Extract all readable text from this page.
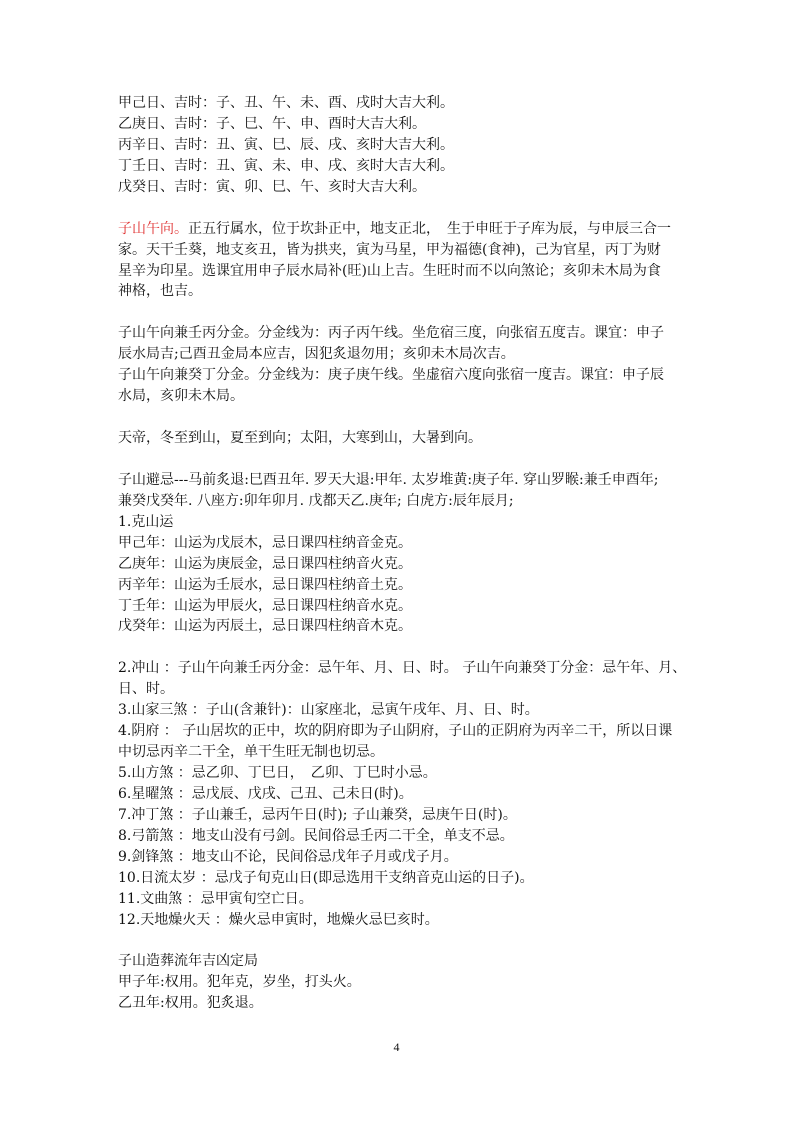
甲己日、吉时：子、丑、午、未、酉、戌时大吉大利。
乙庚日、吉时：子、巳、午、申、酉时大吉大利。
丙辛日、吉时：丑、寅、巳、辰、戌、亥时大吉大利。
丁壬日、吉时：丑、寅、未、申、戌、亥时大吉大利。
戊癸日、吉时：寅、卯、巳、午、亥时大吉大利。
子山午向。正五行属水，位于坎卦正中，地支正北，　生于申旺于子库为辰，与申辰三合一
家。天干壬葵，地支亥丑，皆为拱夹，寅为马星，甲为福德(食神)，己为官星，丙丁为财
星辛为印星。选课宜用申子辰水局补(旺)山上吉。生旺时而不以向煞论；亥卯未木局为食
神格，也吉。
子山午向兼壬丙分金。分金线为：丙子丙午线。坐危宿三度，向张宿五度吉。课宜：申子
辰水局吉;己酉丑金局本应吉，因犯炙退勿用；亥卯未木局次吉。
子山午向兼癸丁分金。分金线为：庚子庚午线。坐虚宿六度向张宿一度吉。课宜：申子辰
水局，亥卯未木局。
天帝，冬至到山，夏至到向；太阳，大寒到山，大暑到向。
子山避忌---马前炙退:巳酉丑年. 罗天大退:甲年. 太岁堆黄:庚子年. 穿山罗睺:兼壬申酉年;
兼癸戊癸年. 八座方:卯年卯月. 戊都天乙.庚年; 白虎方:辰年辰月;
1.克山运
甲己年：山运为戊辰木，忌日课四柱纳音金克。
乙庚年：山运为庚辰金，忌日课四柱纳音火克。
丙辛年：山运为壬辰水，忌日课四柱纳音土克。
丁壬年：山运为甲辰火，忌日课四柱纳音水克。
戊癸年：山运为丙辰土，忌日课四柱纳音木克。
2.冲山 ：子山午向兼壬丙分金：忌午年、月、日、时。 子山午向兼癸丁分金：忌午年、月、
日、时。
3.山家三煞 ：子山(含兼针)：山家座北，忌寅午戌年、月、日、时。
4.阴府 ： 子山居坎的正中，坎的阴府即为子山阴府，子山的正阴府为丙辛二干，所以日课
中切忌丙辛二干全，单干生旺无制也切忌。
5.山方煞 ：忌乙卯、丁巳日，　乙卯、丁巳时小忌。
6.星曜煞 ：忌戊辰、戊戌、己丑、己未日(时)。
7.冲丁煞 ：子山兼壬，忌丙午日(时); 子山兼癸，忌庚午日(时)。
8.弓箭煞 ：地支山没有弓剑。民间俗忌壬丙二干全，单支不忌。
9.剑锋煞 ：地支山不论，民间俗忌戊年子月或戊子月。
10.日流太岁 ：忌戊子旬克山日(即忌选用干支纳音克山运的日子)。
11.文曲煞 ：忌甲寅旬空亡日。
12.天地燥火天 ：燥火忌申寅时，地燥火忌巳亥时。
子山造葬流年吉凶定局
甲子年:权用。犯年克，岁坐，打头火。
乙丑年:权用。犯炙退。
4
